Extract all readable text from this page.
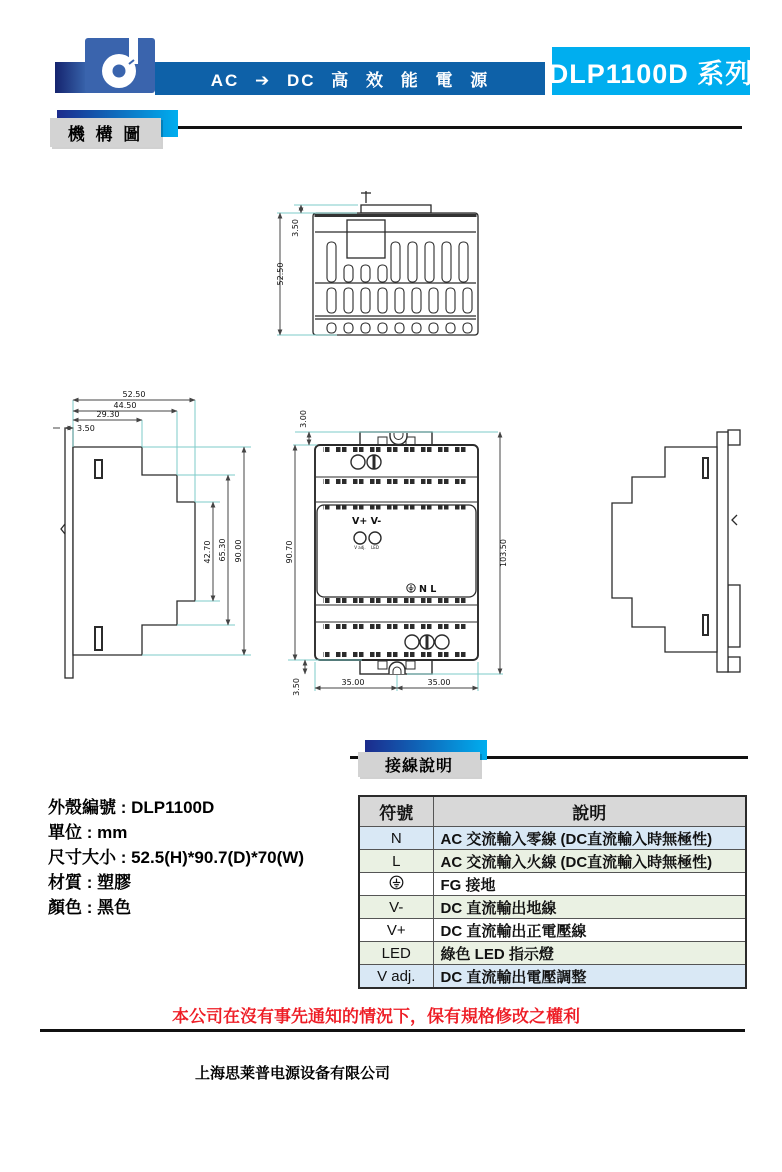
AC ➔ DC 高 效 能 電 源 DLP1100D 系列
機 構 圖
52.50
3.50
52.50
44.50
29.30
3.50
42.70 65.30 90.00
V+ V-
V adj. LED
N L
3.00
90.70	103.50
3.50	35.00	35.00
接線說明
外殼編號 : DLP1100D
單位 : mm
尺寸大小 : 52.5(H)*90.7(D)*70(W)
材質 : 塑膠
顏色 : 黑色
符號	說明
N	AC 交流輸入零線 (DC直流輸入時無極性)
L	AC 交流輸入火線 (DC直流輸入時無極性)
	FG 接地
V-	DC 直流輸出地線
V+	DC 直流輸出正電壓線
LED	綠色 LED 指示燈
V adj.	DC 直流輸出電壓調整
本公司在沒有事先通知的情況下，保有規格修改之權利
上海思莱普电源设备有限公司
